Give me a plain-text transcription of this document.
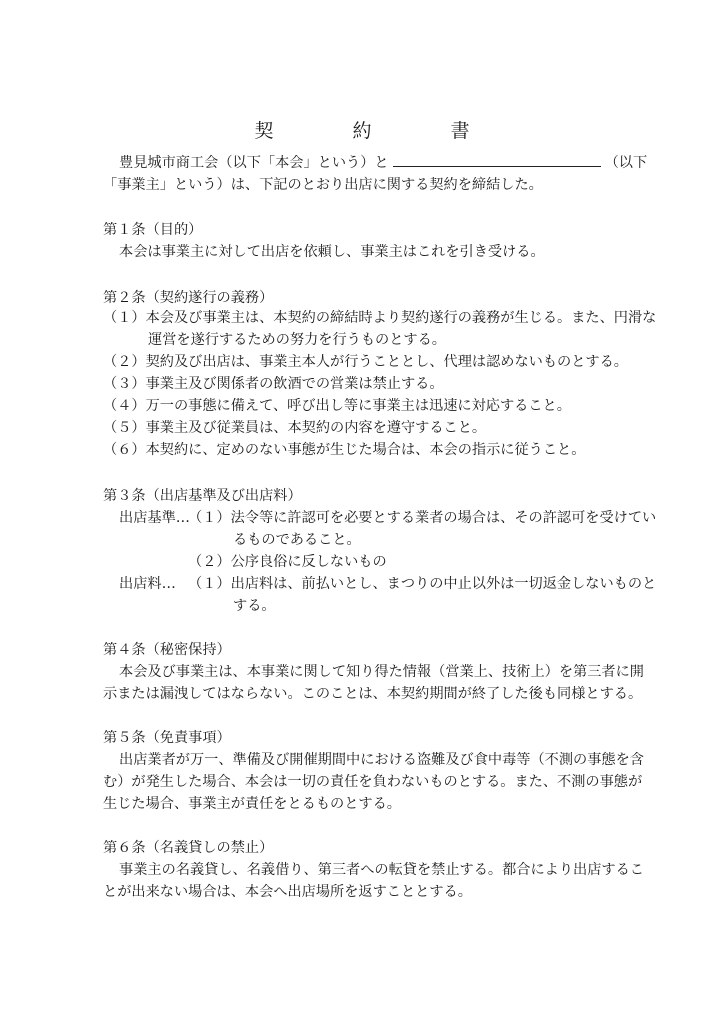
契　約　書
豊見城市商工会（以下「本会」という）と	（以下
「事業主」という）は、下記のとおり出店に関する契約を締結した。
第１条（目的）
本会は事業主に対して出店を依頼し、事業主はこれを引き受ける。
第２条（契約遂行の義務）
（１）本会及び事業主は、本契約の締結時より契約遂行の義務が生じる。また、円滑な
運営を遂行するための努力を行うものとする。
（２）契約及び出店は、事業主本人が行うこととし、代理は認めないものとする。
（３）事業主及び関係者の飲酒での営業は禁止する。
（４）万一の事態に備えて、呼び出し等に事業主は迅速に対応すること。
（５）事業主及び従業員は、本契約の内容を遵守すること。
（６）本契約に、定めのない事態が生じた場合は、本会の指示に従うこと。
第３条（出店基準及び出店料）
出店基準…
（１）法令等に許認可を必要とする業者の場合は、その許認可を受けてい
るものであること。
（２）公序良俗に反しないもの
出店料… （１）出店料は、前払いとし、まつりの中止以外は一切返金しないものと
する。
第４条（秘密保持）
本会及び事業主は、本事業に関して知り得た情報（営業上、技術上）を第三者に開
示または漏洩してはならない。このことは、本契約期間が終了した後も同様とする。
第５条（免責事項）
出店業者が万一、準備及び開催期間中における盗難及び食中毒等（不測の事態を含
む）が発生した場合、本会は一切の責任を負わないものとする。また、不測の事態が
生じた場合、事業主が責任をとるものとする。
第６条（名義貸しの禁止）
事業主の名義貸し、名義借り、第三者への転貸を禁止する。都合により出店するこ
とが出来ない場合は、本会へ出店場所を返すこととする。
